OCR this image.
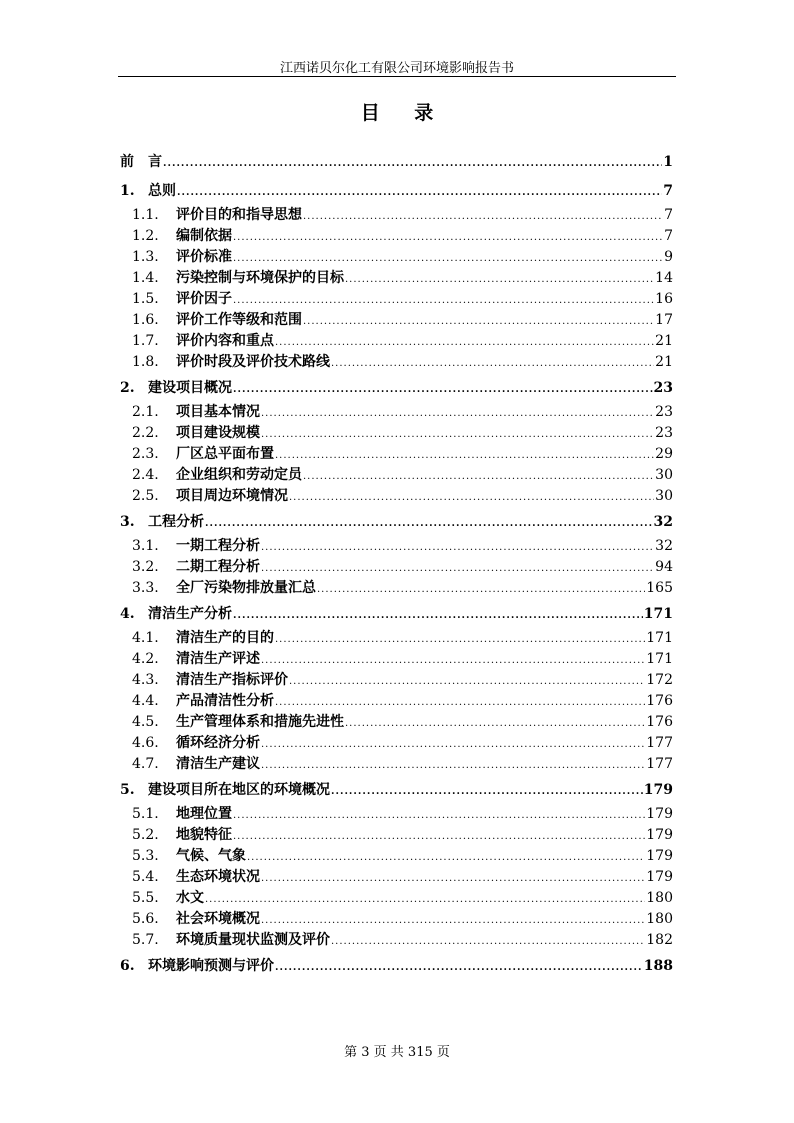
江西诺贝尔化工有限公司环境影响报告书
目 录
前　言 .....	1
1. 总则 .....	7
1.1.	评价目的和指导思想 .....	7
1.2.	编制依据 .....	7
1.3.	评价标准 .....	9
1.4.	污染控制与环境保护的目标 .....	14
1.5.	评价因子 .....	16
1.6.	评价工作等级和范围 .....	17
1.7.	评价内容和重点 .....	21
1.8.	评价时段及评价技术路线 .....	21
2. 建设项目概况 .....	23
2.1.	项目基本情况 .....	23
2.2.	项目建设规模 .....	23
2.3.	厂区总平面布置 .....	29
2.4.	企业组织和劳动定员 .....	30
2.5.	项目周边环境情况 .....	30
3. 工程分析 .....	32
3.1.	一期工程分析 .....	32
3.2.	二期工程分析 .....	94
3.3.	全厂污染物排放量汇总 .....	165
4. 清洁生产分析 .....	171
4.1.	清洁生产的目的 .....	171
4.2.	清洁生产评述 .....	171
4.3.	清洁生产指标评价 .....	172
4.4.	产品清洁性分析 .....	176
4.5.	生产管理体系和措施先进性 .....	176
4.6.	循环经济分析 .....	177
4.7.	清洁生产建议 .....	177
5. 建设项目所在地区的环境概况 .....	179
5.1.	地理位置 .....	179
5.2.	地貌特征 .....	179
5.3.	气候、气象 .....	179
5.4.	生态环境状况 .....	179
5.5.	水文 .....	180
5.6.	社会环境概况 .....	180
5.7.	环境质量现状监测及评价 .....	182
6. 环境影响预测与评价 .....	188
第 3 页 共 315 页
